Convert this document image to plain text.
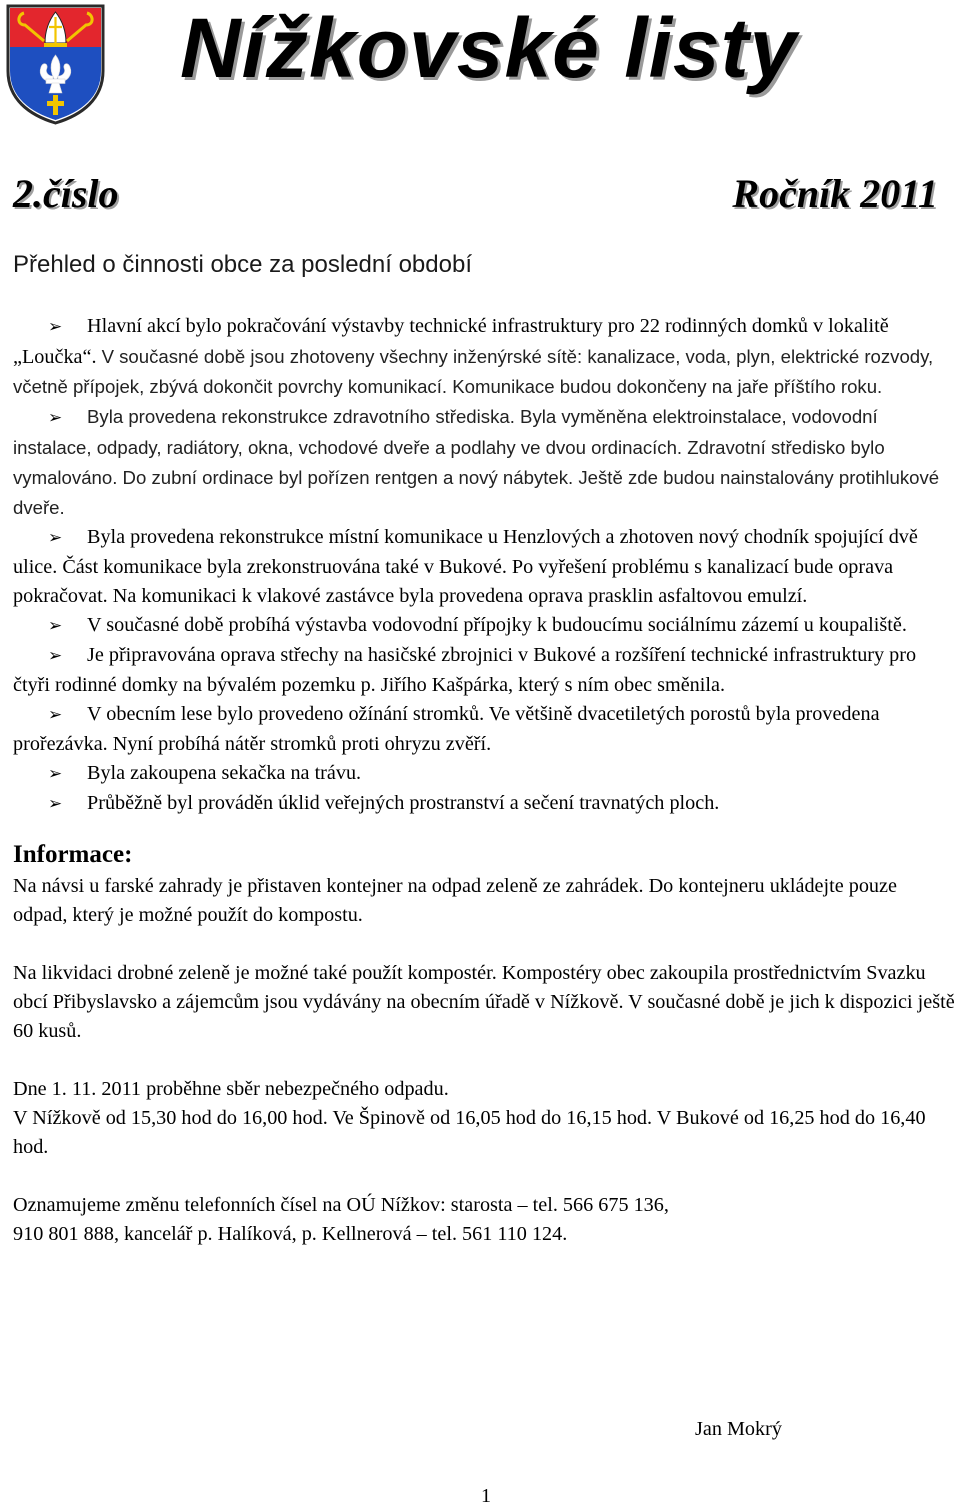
Nížkovské listy
2.číslo	Ročník 2011
Přehled o činnosti obce za poslední období

➢ Hlavní akcí bylo pokračování výstavby technické infrastruktury pro 22 rodinných domků v lokalitě „Loučka“. V současné době jsou zhotoveny všechny inženýrské sítě: kanalizace, voda, plyn, elektrické rozvody, včetně přípojek, zbývá dokončit povrchy komunikací. Komunikace budou dokončeny na jaře příštího roku.

➢ Byla provedena rekonstrukce zdravotního střediska. Byla vyměněna elektroinstalace, vodovodní instalace, odpady, radiátory, okna, vchodové dveře a podlahy ve dvou ordinacích. Zdravotní středisko bylo vymalováno. Do zubní ordinace byl pořízen rentgen a nový nábytek. Ještě zde budou nainstalovány protihlukové dveře.

➢ Byla provedena rekonstrukce místní komunikace u Henzlových a zhotoven nový chodník spojující dvě ulice. Část komunikace byla zrekonstruována také v Bukové. Po vyřešení problému s kanalizací bude oprava pokračovat. Na komunikaci k vlakové zastávce byla provedena oprava prasklin asfaltovou emulzí.

➢ V současné době probíhá výstavba vodovodní přípojky k budoucímu sociálnímu zázemí u koupaliště.

➢ Je připravována oprava střechy na hasičské zbrojnici v Bukové a rozšíření technické infrastruktury pro čtyři rodinné domky na bývalém pozemku p. Jiřího Kašpárka, který s ním obec směnila.

➢ V obecním lese bylo provedeno ožínání stromků. Ve většině dvacetiletých porostů byla provedena prořezávka. Nyní probíhá nátěr stromků proti ohryzu zvěří.

➢ Byla zakoupena sekačka na trávu.

➢ Průběžně byl prováděn úklid veřejných prostranství a sečení travnatých ploch.

Informace:

Na návsi u farské zahrady je přistaven kontejner na odpad zeleně ze zahrádek. Do kontejneru ukládejte pouze odpad, který je možné použít do kompostu.

Na likvidaci drobné zeleně je možné také použít kompostér. Kompostéry obec zakoupila prostřednictvím Svazku obcí Přibyslavsko a zájemcům jsou vydávány na obecním úřadě v Nížkově. V současné době je jich k dispozici ještě 60 kusů.

Dne 1. 11. 2011 proběhne sběr nebezpečného odpadu.

V Nížkově od 15,30 hod do 16,00 hod. Ve Špinově od 16,05 hod do 16,15 hod. V Bukové od 16,25 hod do 16,40 hod.

Oznamujeme změnu telefonních čísel na OÚ Nížkov: starosta – tel. 566 675 136,

910 801 888, kancelář p. Halíková, p. Kellnerová – tel. 561 110 124.

Jan Mokrý
1
